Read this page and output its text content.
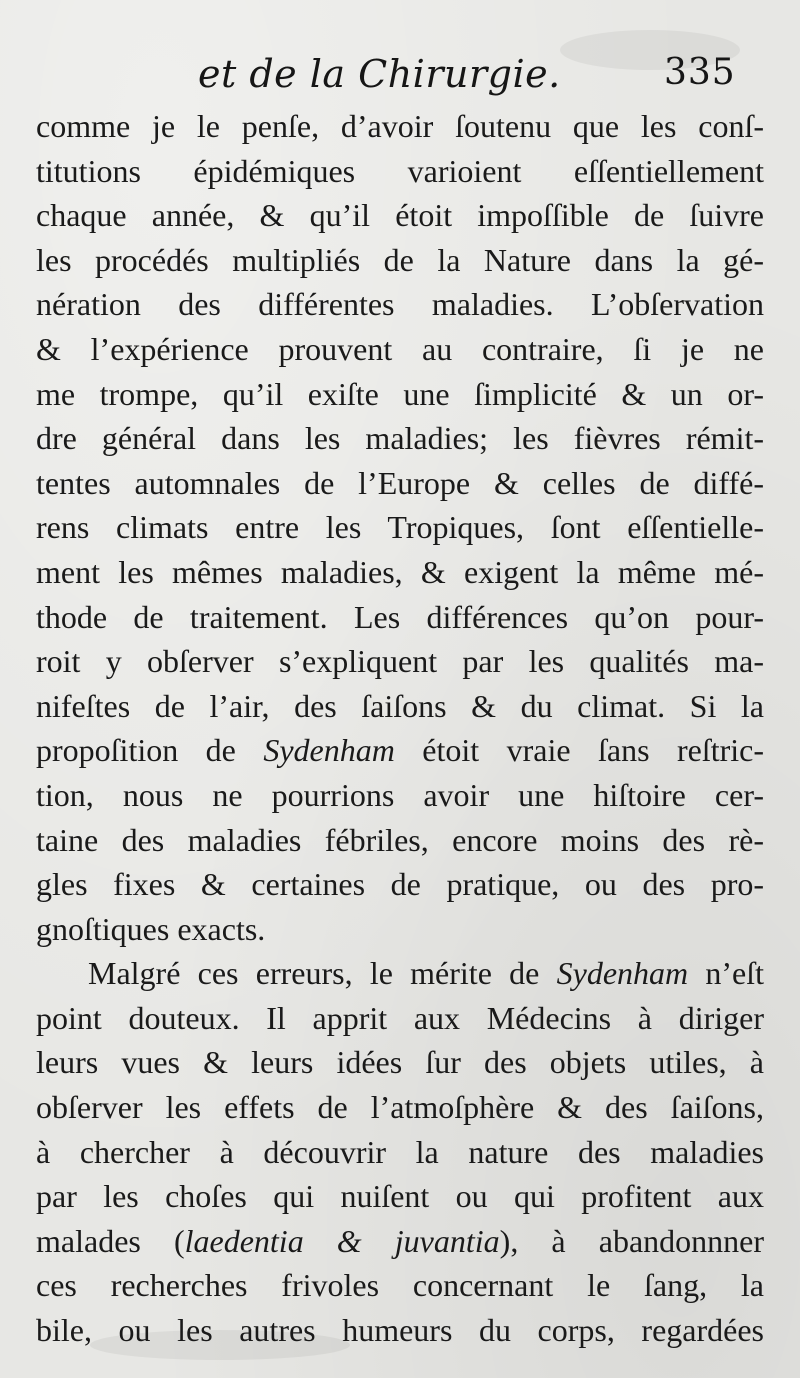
et de la Chirurgie.	335
comme je le penſe, d’avoir ſoutenu que les conſ-
titutions épidémiques varioient eſſentiellement
chaque année, & qu’il étoit impoſſible de ſuivre
les procédés multipliés de la Nature dans la gé-
nération des différentes maladies. L’obſervation
& l’expérience prouvent au contraire, ſi je ne
me trompe, qu’il exiſte une ſimplicité & un or-
dre général dans les maladies; les fièvres rémit-
tentes automnales de l’Europe & celles de diffé-
rens climats entre les Tropiques, ſont eſſentielle-
ment les mêmes maladies, & exigent la même mé-
thode de traitement. Les différences qu’on pour-
roit y obſerver s’expliquent par les qualités ma-
nifeſtes de l’air, des ſaiſons & du climat. Si la
propoſition de Sydenham étoit vraie ſans reſtric-
tion, nous ne pourrions avoir une hiſtoire cer-
taine des maladies fébriles, encore moins des rè-
gles fixes & certaines de pratique, ou des pro-
gnoſtiques exacts.
Malgré ces erreurs, le mérite de Sydenham n’eſt
point douteux. Il apprit aux Médecins à diriger
leurs vues & leurs idées ſur des objets utiles, à
obſerver les effets de l’atmoſphère & des ſaiſons,
à chercher à découvrir la nature des maladies
par les choſes qui nuiſent ou qui profitent aux
malades (laedentia & juvantia), à abandonnner
ces recherches frivoles concernant le ſang, la
bile, ou les autres humeurs du corps, regardées
